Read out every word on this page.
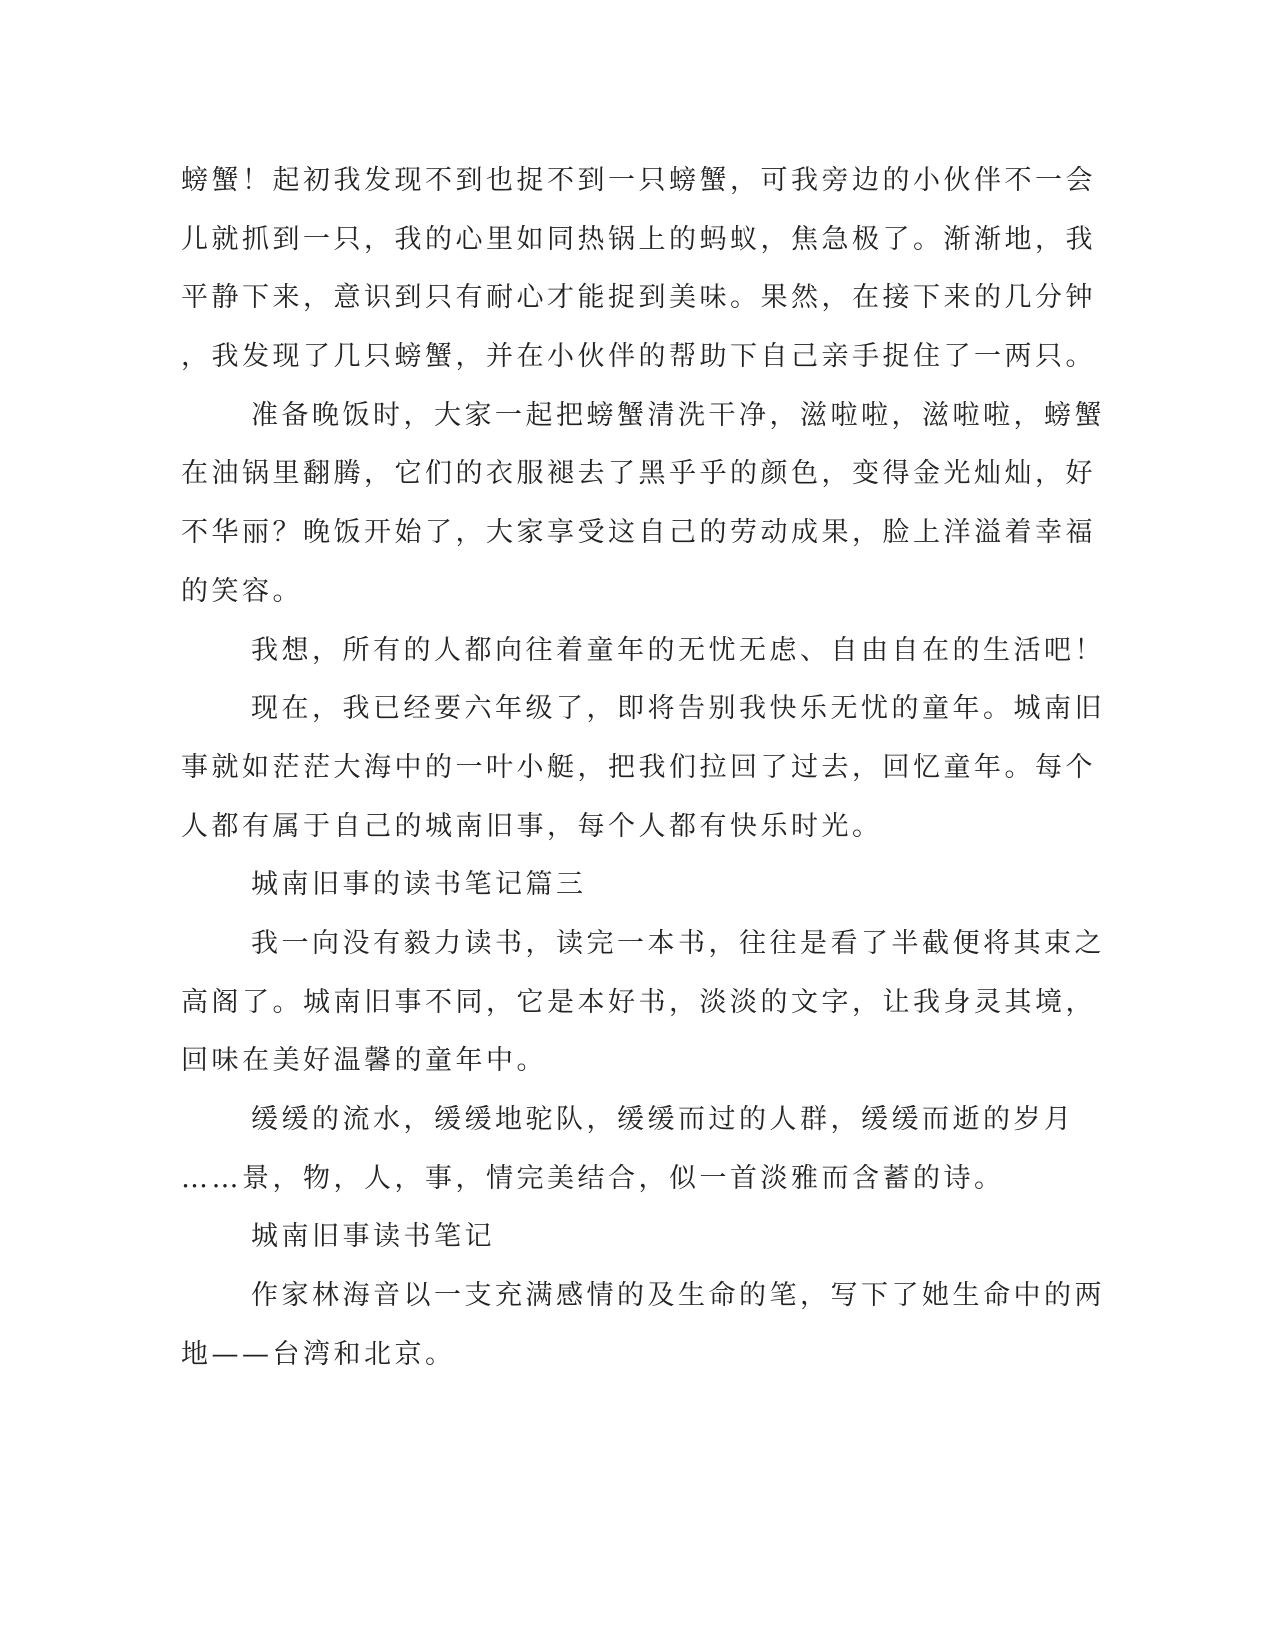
螃蟹！起初我发现不到也捉不到一只螃蟹，可我旁边的小伙伴不一会
儿就抓到一只，我的心里如同热锅上的蚂蚁，焦急极了。渐渐地，我
平静下来，意识到只有耐心才能捉到美味。果然，在接下来的几分钟
，我发现了几只螃蟹，并在小伙伴的帮助下自己亲手捉住了一两只。
准备晚饭时，大家一起把螃蟹清洗干净，滋啦啦，滋啦啦，螃蟹
在油锅里翻腾，它们的衣服褪去了黑乎乎的颜色，变得金光灿灿，好
不华丽？晚饭开始了，大家享受这自己的劳动成果，脸上洋溢着幸福
的笑容。
我想，所有的人都向往着童年的无忧无虑、自由自在的生活吧！
现在，我已经要六年级了，即将告别我快乐无忧的童年。城南旧
事就如茫茫大海中的一叶小艇，把我们拉回了过去，回忆童年。每个
人都有属于自己的城南旧事，每个人都有快乐时光。
城南旧事的读书笔记篇三
我一向没有毅力读书，读完一本书，往往是看了半截便将其束之
高阁了。城南旧事不同，它是本好书，淡淡的文字，让我身灵其境，
回味在美好温馨的童年中。
缓缓的流水，缓缓地驼队，缓缓而过的人群，缓缓而逝的岁月
……景，物，人，事，情完美结合，似一首淡雅而含蓄的诗。
城南旧事读书笔记
作家林海音以一支充满感情的及生命的笔，写下了她生命中的两
地——台湾和北京。
